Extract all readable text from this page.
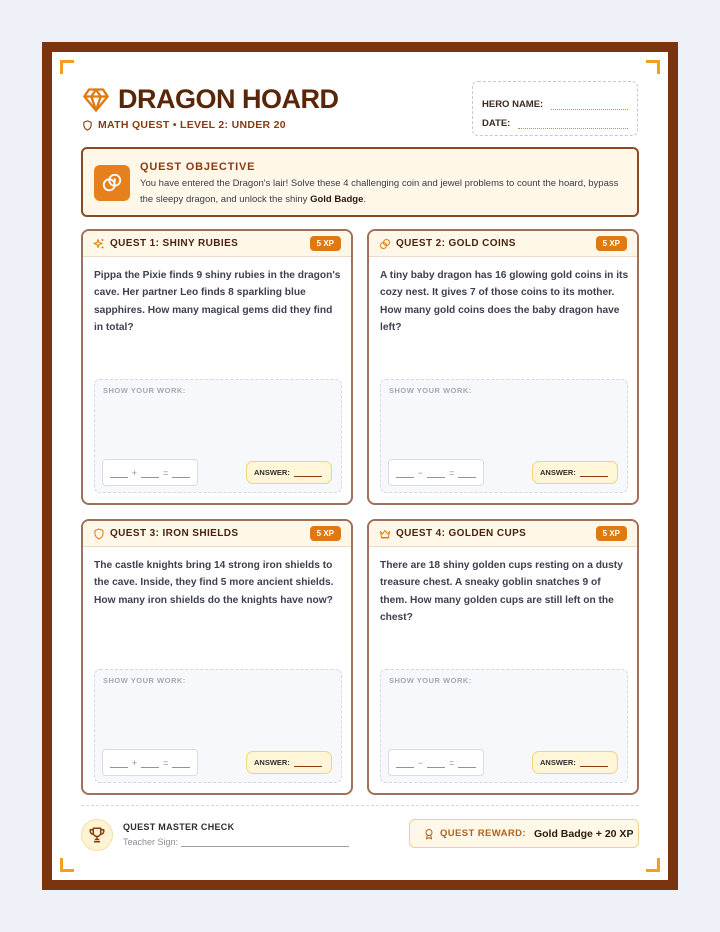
DRAGON HOARD
MATH QUEST • LEVEL 2: UNDER 20
HERO NAME:
DATE:
QUEST OBJECTIVE

You have entered the Dragon's lair! Solve these 4 challenging coin and jewel problems to count the hoard, bypass the sleepy dragon, and unlock the shiny Gold Badge.

QUEST 1: SHINY RUBIES	5 XP

Pippa the Pixie finds 9 shiny rubies in the dragon's cave. Her partner Leo finds 8 sparkling blue sapphires. How many magical gems did they find in total?

SHOW YOUR WORK:
+	=	ANSWER:
QUEST 2: GOLD COINS	5 XP

A tiny baby dragon has 16 glowing gold coins in its cozy nest. It gives 7 of those coins to its mother. How many gold coins does the baby dragon have left?

SHOW YOUR WORK:
−	=	ANSWER:
QUEST 3: IRON SHIELDS	5 XP

The castle knights bring 14 strong iron shields to the cave. Inside, they find 5 more ancient shields. How many iron shields do the knights have now?

SHOW YOUR WORK:
+	=	ANSWER:
QUEST 4: GOLDEN CUPS	5 XP

There are 18 shiny golden cups resting on a dusty treasure chest. A sneaky goblin snatches 9 of them. How many golden cups are still left on the chest?

SHOW YOUR WORK:
−	=	ANSWER:
QUEST MASTER CHECK
Teacher Sign:
QUEST REWARD: Gold Badge + 20 XP
